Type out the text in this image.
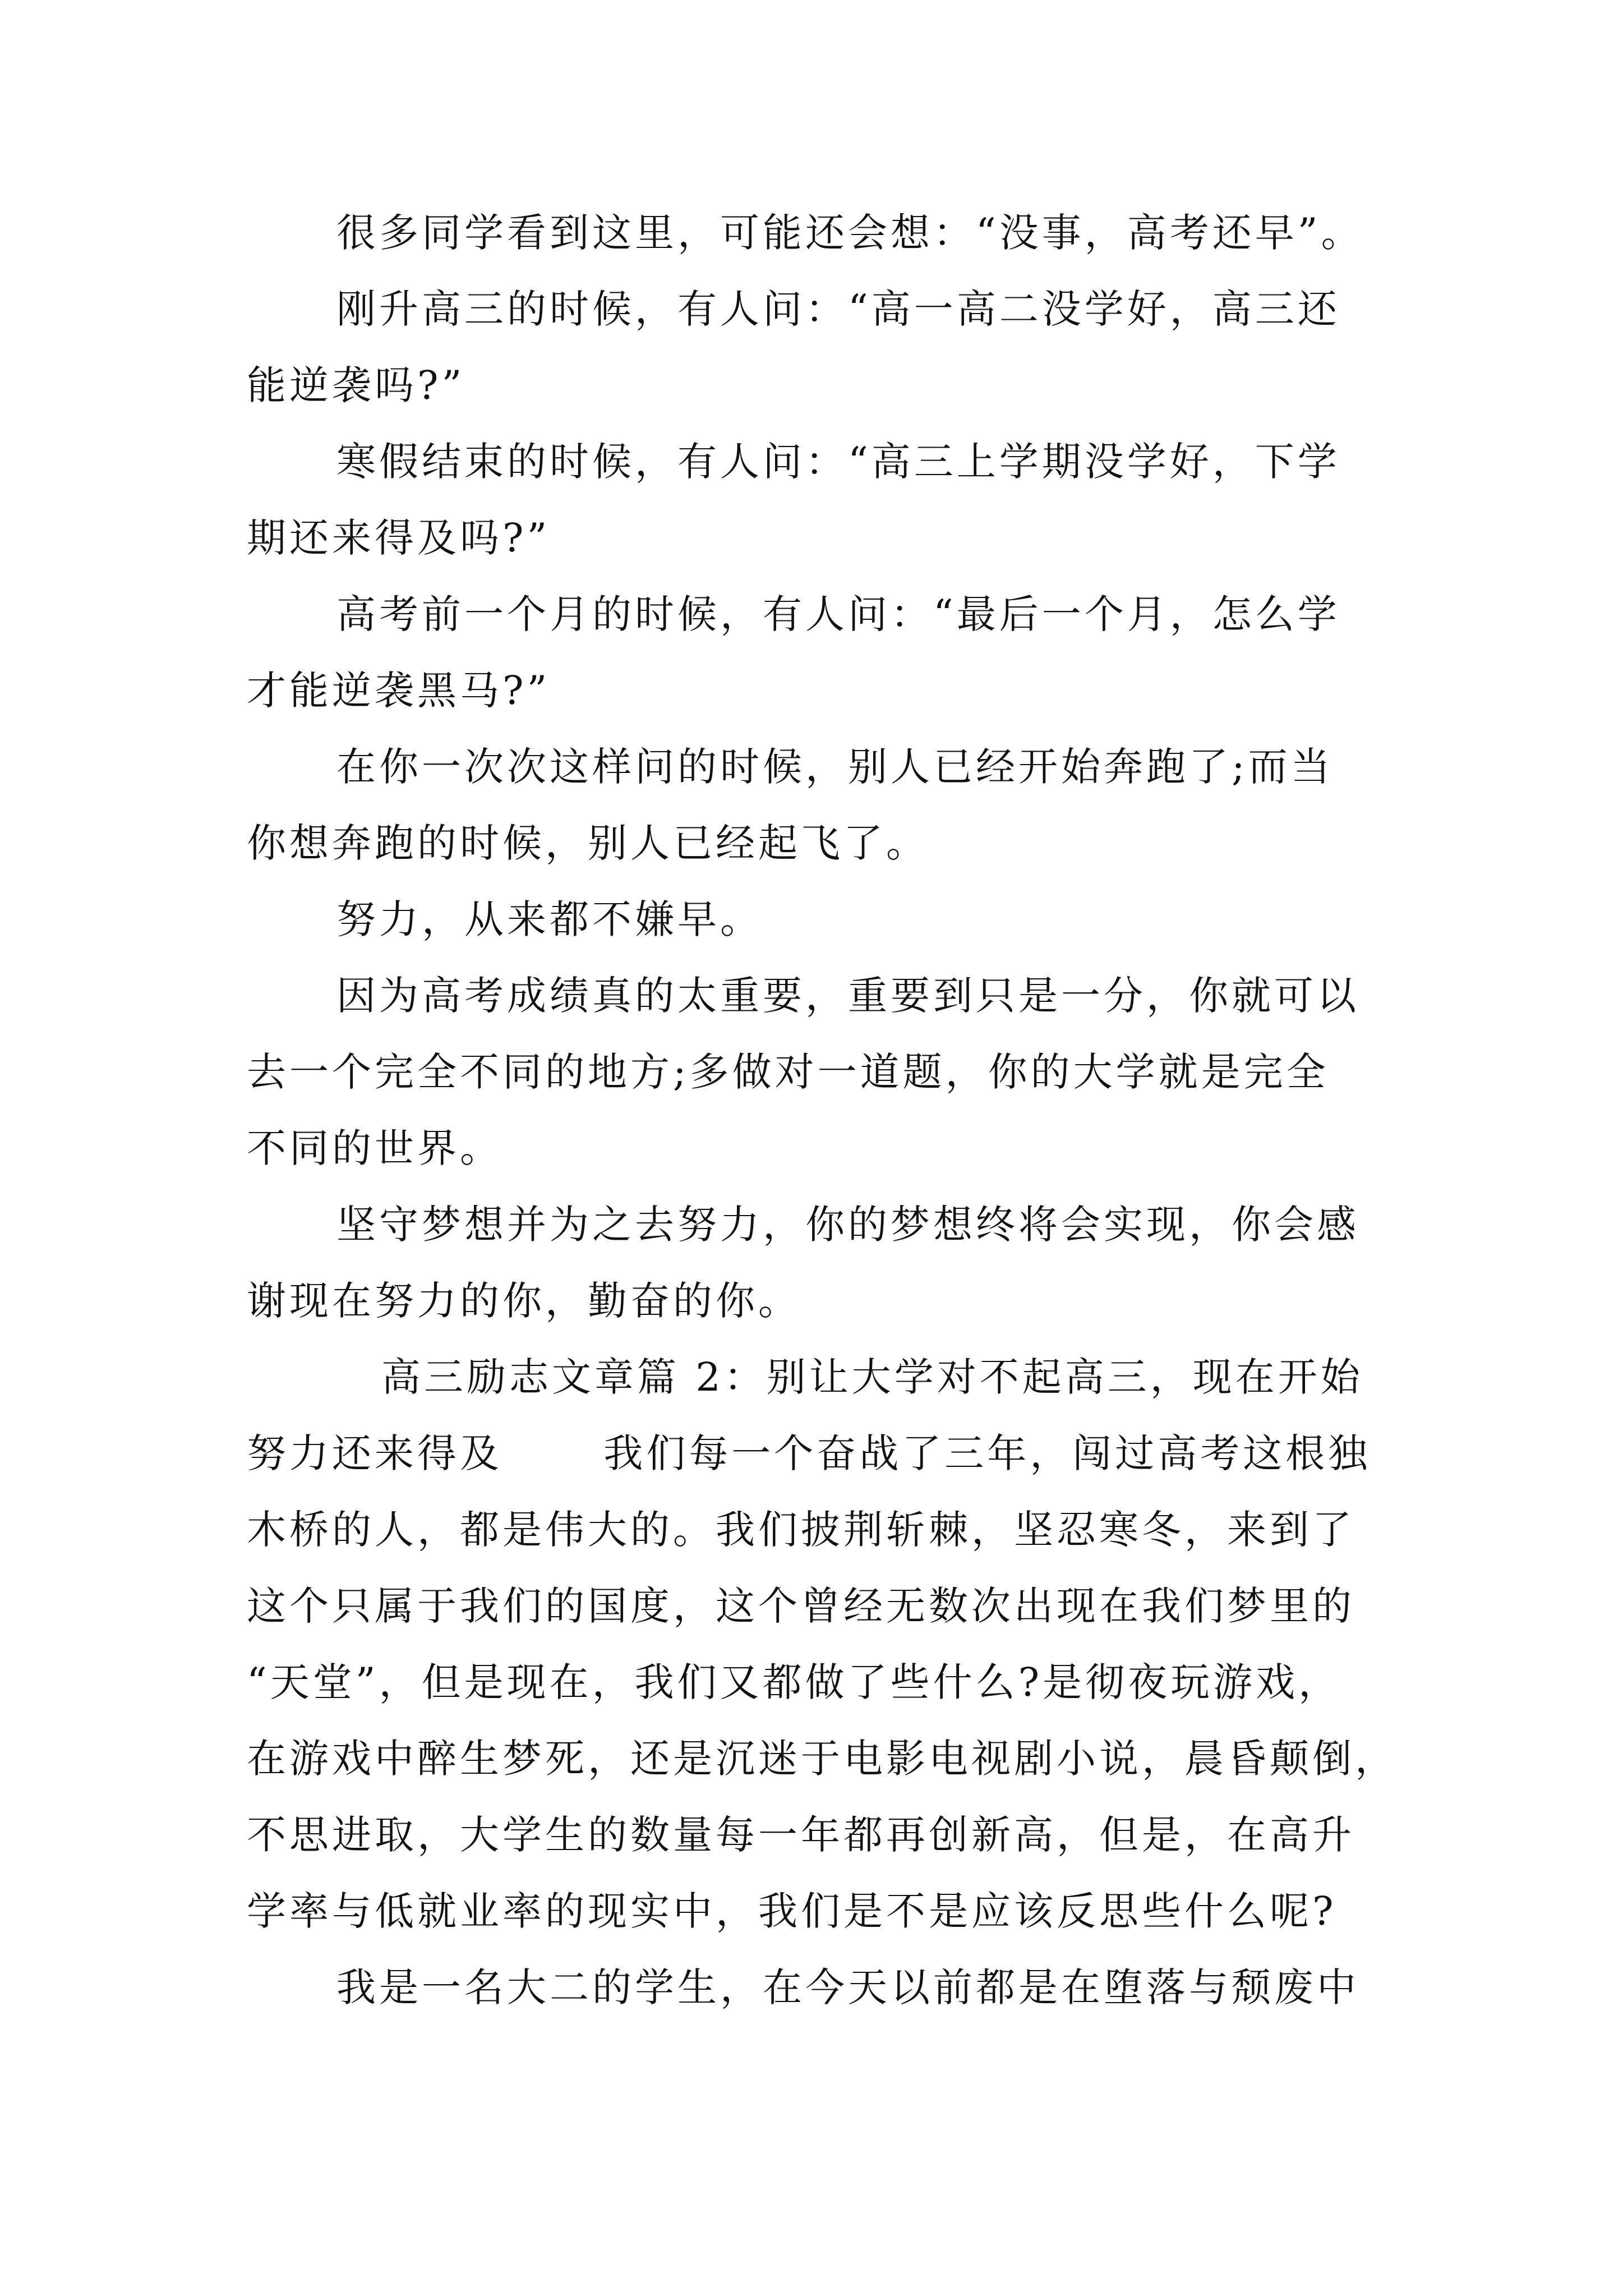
很多同学看到这里，可能还会想：“没事，高考还早”。
刚升高三的时候，有人问：“高一高二没学好，高三还
能逆袭吗?”
寒假结束的时候，有人问：“高三上学期没学好，下学
期还来得及吗?”
高考前一个月的时候，有人问：“最后一个月，怎么学
才能逆袭黑马?”
在你一次次这样问的时候，别人已经开始奔跑了;而当
你想奔跑的时候，别人已经起飞了。
努力，从来都不嫌早。
因为高考成绩真的太重要，重要到只是一分，你就可以
去一个完全不同的地方;多做对一道题，你的大学就是完全
不同的世界。
坚守梦想并为之去努力，你的梦想终将会实现，你会感
谢现在努力的你，勤奋的你。
高三励志文章篇 2：别让大学对不起高三，现在开始
努力还来得及　　 我们每一个奋战了三年，闯过高考这根独
木桥的人，都是伟大的。我们披荆斩棘，坚忍寒冬，来到了
这个只属于我们的国度，这个曾经无数次出现在我们梦里的
“天堂”，但是现在，我们又都做了些什么?是彻夜玩游戏，
在游戏中醉生梦死，还是沉迷于电影电视剧小说，晨昏颠倒，
不思进取，大学生的数量每一年都再创新高，但是，在高升
学率与低就业率的现实中，我们是不是应该反思些什么呢?
我是一名大二的学生，在今天以前都是在堕落与颓废中
